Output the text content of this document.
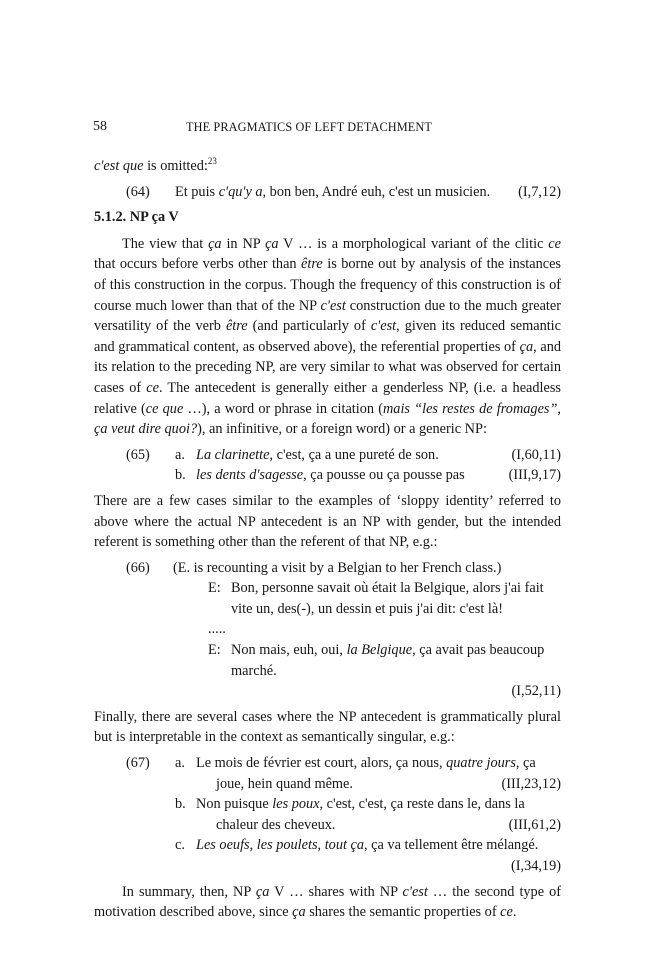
58	THE PRAGMATICS OF LEFT DETACHMENT

c'est que is omitted:$^{23}$

(64)	Et puis c'qu'y a, bon ben, André euh, c'est un musicien. (I,7,12)

5.1.2. NP ça V

The view that ça in NP ça V … is a morphological variant of the clitic ce that occurs before verbs other than être is borne out by analysis of the instances of this construction in the corpus. Though the frequency of this construction is of course much lower than that of the NP c'est construction due to the much greater versatility of the verb être (and particularly of c'est, given its reduced semantic and grammatical content, as observed above), the referential properties of ça, and its relation to the preceding NP, are very similar to what was observed for certain cases of ce. The antecedent is generally either a genderless NP, (i.e. a headless relative (ce que …), a word or phrase in citation (mais “les restes de fromages”, ça veut dire quoi?), an infinitive, or a foreign word) or a generic NP:

(65)	a. La clarinette, c'est, ça a une pureté de son.	(I,60,11)
b. les dents d'sagesse, ça pousse ou ça pousse pas	(III,9,17)

There are a few cases similar to the examples of ‘sloppy identity’ referred to above where the actual NP antecedent is an NP with gender, but the intended referent is something other than the referent of that NP, e.g.:

(66)	(E. is recounting a visit by a Belgian to her French class.)

E: Bon, personne savait où était la Belgique, alors j'ai fait vite un, des(-), un dessin et puis j'ai dit: c'est là!

.....

E: Non mais, euh, oui, la Belgique, ça avait pas beaucoup marché.

(I,52,11)

Finally, there are several cases where the NP antecedent is grammatically plural but is interpretable in the context as semantically singular, e.g.:

(67)	a. Le mois de février est court, alors, ça nous, quatre jours, ça

joue, hein quand même.	(III,23,12)
b. Non puisque les poux, c'est, c'est, ça reste dans le, dans la

chaleur des cheveux.	(III,61,2)
c. Les oeufs, les poulets, tout ça, ça va tellement être mélangé.

(I,34,19)

In summary, then, NP ça V … shares with NP c'est … the second type of motivation described above, since ça shares the semantic properties of ce.
